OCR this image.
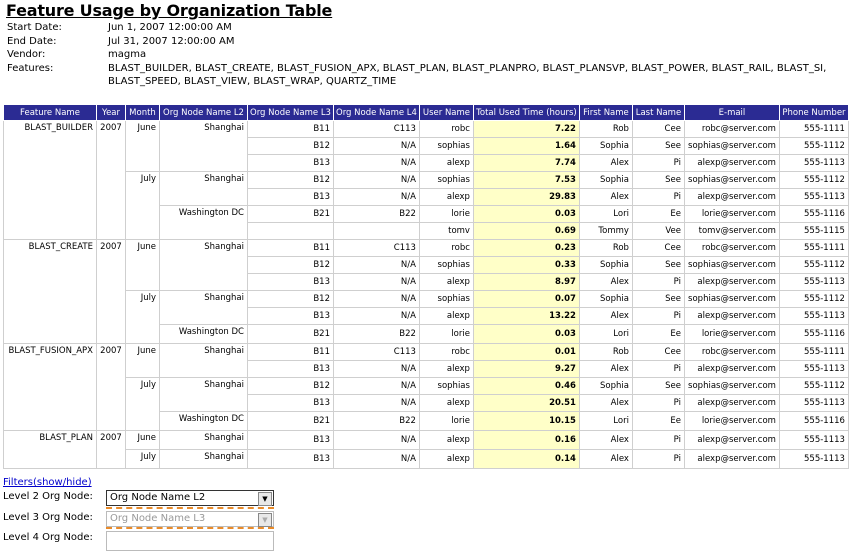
Feature Usage by Organization Table
Start Date:	Jun 1, 2007 12:00:00 AM
End Date:	Jul 31, 2007 12:00:00 AM
Vendor:	magma
Features:	BLAST_BUILDER, BLAST_CREATE, BLAST_FUSION_APX, BLAST_PLAN, BLAST_PLANPRO, BLAST_PLANSVP, BLAST_POWER, BLAST_RAIL, BLAST_SI, BLAST_SPEED, BLAST_VIEW, BLAST_WRAP, QUARTZ_TIME
Feature Name	Year	Month	Org Node Name L2	Org Node Name L3	Org Node Name L4	User Name	Total Used Time (hours)	First Name	Last Name	E-mail	Phone Number
BLAST_BUILDER	2007	June	Shanghai	B11	C113	robc	7.22	Rob	Cee	robc@server.com	555-1111
				B12	N/A	sophias	1.64	Sophia	See	sophias@server.com	555-1112
				B13	N/A	alexp	7.74	Alex	Pi	alexp@server.com	555-1113
		July	Shanghai	B12	N/A	sophias	7.53	Sophia	See	sophias@server.com	555-1112
				B13	N/A	alexp	29.83	Alex	Pi	alexp@server.com	555-1113
			Washington DC	B21	B22	lorie	0.03	Lori	Ee	lorie@server.com	555-1116
						tomv	0.69	Tommy	Vee	tomv@server.com	555-1115
BLAST_CREATE	2007	June	Shanghai	B11	C113	robc	0.23	Rob	Cee	robc@server.com	555-1111
				B12	N/A	sophias	0.33	Sophia	See	sophias@server.com	555-1112
				B13	N/A	alexp	8.97	Alex	Pi	alexp@server.com	555-1113
		July	Shanghai	B12	N/A	sophias	0.07	Sophia	See	sophias@server.com	555-1112
				B13	N/A	alexp	13.22	Alex	Pi	alexp@server.com	555-1113
			Washington DC	B21	B22	lorie	0.03	Lori	Ee	lorie@server.com	555-1116
BLAST_FUSION_APX	2007	June	Shanghai	B11	C113	robc	0.01	Rob	Cee	robc@server.com	555-1111
				B13	N/A	alexp	9.27	Alex	Pi	alexp@server.com	555-1113
		July	Shanghai	B12	N/A	sophias	0.46	Sophia	See	sophias@server.com	555-1112
				B13	N/A	alexp	20.51	Alex	Pi	alexp@server.com	555-1113
			Washington DC	B21	B22	lorie	10.15	Lori	Ee	lorie@server.com	555-1116
BLAST_PLAN	2007	June	Shanghai	B13	N/A	alexp	0.16	Alex	Pi	alexp@server.com	555-1113
		July	Shanghai	B13	N/A	alexp	0.14	Alex	Pi	alexp@server.com	555-1113
Filters(show/hide)
Level 2 Org Node:	Org Node Name L2	▼
Level 3 Org Node:	Org Node Name L3	▼
Level 4 Org Node:
